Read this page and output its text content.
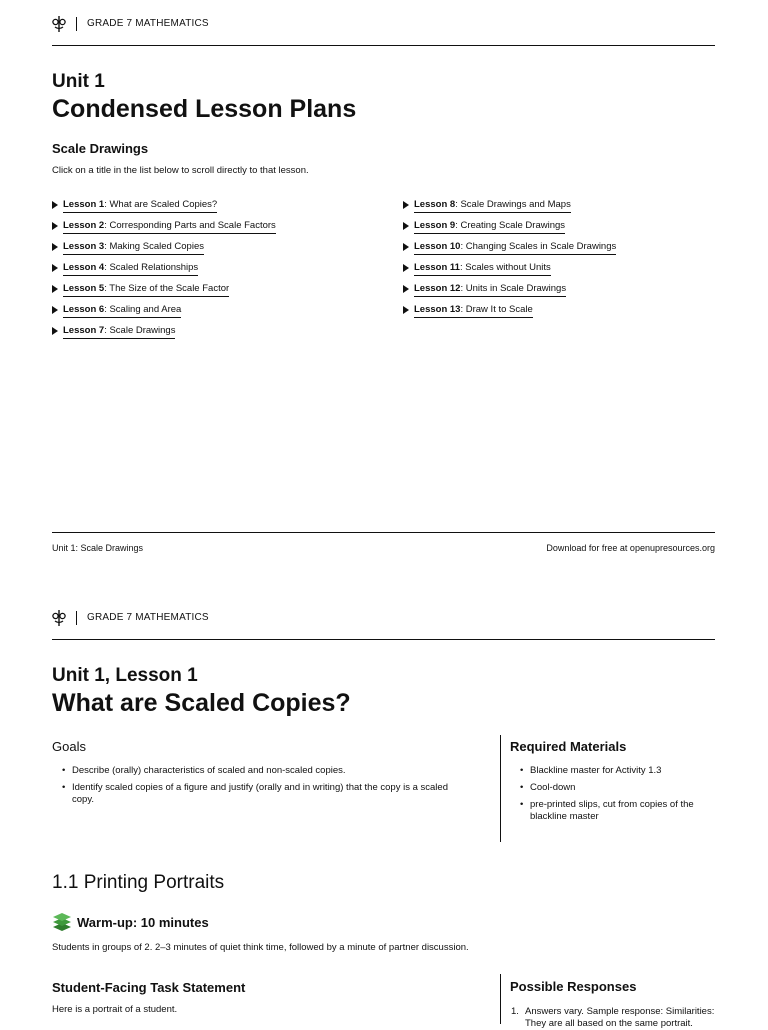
GRADE 7 MATHEMATICS
Unit 1
Condensed Lesson Plans
Scale Drawings
Click on a title in the list below to scroll directly to that lesson.
Lesson 1: What are Scaled Copies?
Lesson 2: Corresponding Parts and Scale Factors
Lesson 3: Making Scaled Copies
Lesson 4: Scaled Relationships
Lesson 5: The Size of the Scale Factor
Lesson 6: Scaling and Area
Lesson 7: Scale Drawings
Lesson 8: Scale Drawings and Maps
Lesson 9: Creating Scale Drawings
Lesson 10: Changing Scales in Scale Drawings
Lesson 11: Scales without Units
Lesson 12: Units in Scale Drawings
Lesson 13: Draw It to Scale
Unit 1: Scale Drawings	Download for free at openupresources.org
GRADE 7 MATHEMATICS
Unit 1, Lesson 1
What are Scaled Copies?
Goals
• Describe (orally) characteristics of scaled and non-scaled copies.
• Identify scaled copies of a figure and justify (orally and in writing) that the copy is a scaled copy.
Required Materials
• Blackline master for Activity 1.3
• Cool-down
• pre-printed slips, cut from copies of the blackline master
1.1 Printing Portraits
Warm-up: 10 minutes
Students in groups of 2. 2–3 minutes of quiet think time, followed by a minute of partner discussion.
Student-Facing Task Statement
Here is a portrait of a student.
Possible Responses
1. Answers vary. Sample response: Similarities: They are all based on the same portrait.
